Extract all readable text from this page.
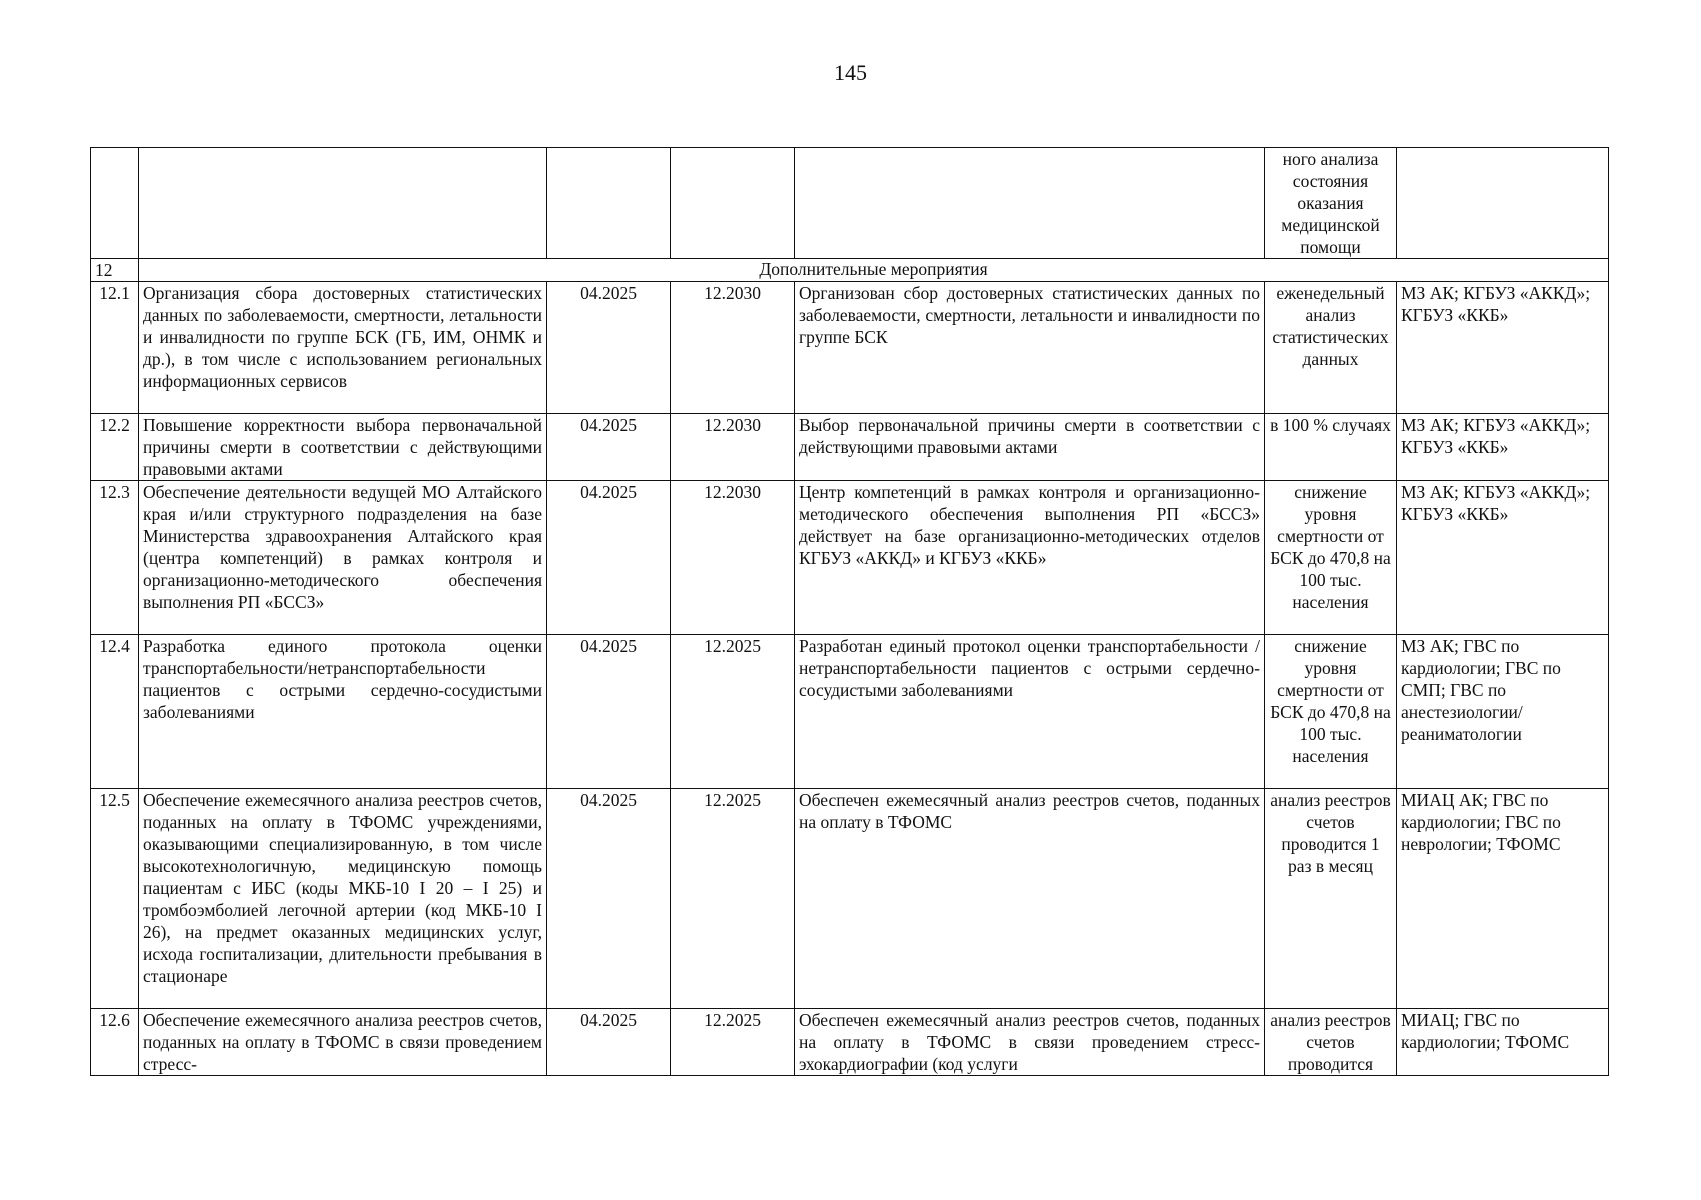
145
					ного анализа состояния оказания медицинской помощи	
12	Дополнительные мероприятия					
12.1	Организация сбора достоверных статистических данных по заболеваемости, смертности, летальности и инвалидности по группе БСК (ГБ, ИМ, ОНМК и др.), в том числе с использованием региональных информационных сервисов	04.2025	12.2030	Организован сбор достоверных статистических данных по заболеваемости, смертности, летальности и инвалидности по группе БСК	еженедельный анализ статистических данных	МЗ АК; КГБУЗ «АККД»; КГБУЗ «ККБ»
12.2	Повышение корректности выбора первоначальной причины смерти в соответствии с действующими правовыми актами	04.2025	12.2030	Выбор первоначальной причины смерти в соответствии с действующими правовыми актами	в 100 % случаях	МЗ АК; КГБУЗ «АККД»; КГБУЗ «ККБ»
12.3	Обеспечение деятельности ведущей МО Алтайского края и/или структурного подразделения на базе Министерства здравоохранения Алтайского края (центра компетенций) в рамках контроля и организационно-методического обеспечения выполнения РП «БССЗ»	04.2025	12.2030	Центр компетенций в рамках контроля и организационно-методического обеспечения выполнения РП «БССЗ» действует на базе организационно-методических отделов КГБУЗ «АККД» и КГБУЗ «ККБ»	снижение уровня смертности от БСК до 470,8 на 100 тыс. населения	МЗ АК; КГБУЗ «АККД»; КГБУЗ «ККБ»
12.4	Разработка единого протокола оценки транспортабельности/нетранспортабельности пациентов с острыми сердечно-сосудистыми заболеваниями	04.2025	12.2025	Разработан единый протокол оценки транспортабельности / нетранспортабельности пациентов с острыми сердечно-сосудистыми заболеваниями	снижение уровня смертности от БСК до 470,8 на 100 тыс. населения	МЗ АК; ГВС по кардиологии; ГВС по СМП; ГВС по анестезиологии/реаниматологии
12.5	Обеспечение ежемесячного анализа реестров счетов, поданных на оплату в ТФОМС учреждениями, оказывающими специализированную, в том числе высокотехнологичную, медицинскую помощь пациентам с ИБС (коды МКБ-10 I 20 – I 25) и тромбоэмболией легочной артерии (код МКБ-10 I 26), на предмет оказанных медицинских услуг, исхода госпитализации, длительности пребывания в стационаре	04.2025	12.2025	Обеспечен ежемесячный анализ реестров счетов, поданных на оплату в ТФОМС	анализ реестров счетов проводится 1 раз в месяц	МИАЦ АК; ГВС по кардиологии; ГВС по неврологии; ТФОМС
12.6	Обеспечение ежемесячного анализа реестров счетов, поданных на оплату в ТФОМС в связи проведением стресс-	04.2025	12.2025	Обеспечен ежемесячный анализ реестров счетов, поданных на оплату в ТФОМС в связи проведением стресс-эхокардиографии (код услуги	анализ реестров счетов проводится	МИАЦ; ГВС по кардиологии; ТФОМС
